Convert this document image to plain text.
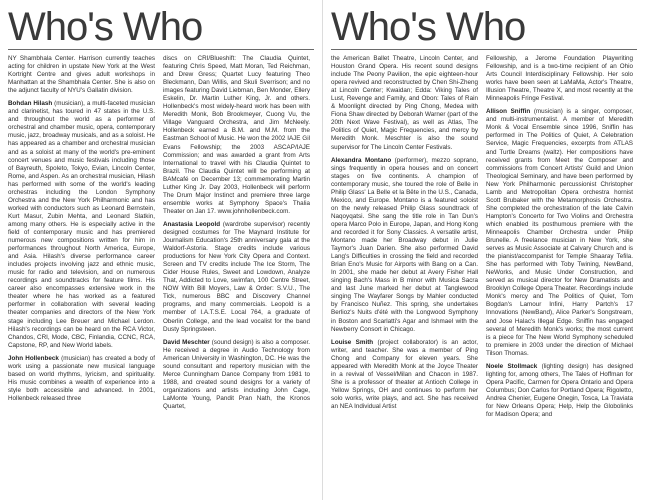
Who's Who

NY Shambhala Center. Harrison currently teaches acting for children in upstate New York at the West Kortright Centre and gives adult workshops in Manhattan at the Shambhala Center. She is also on the adjunct faculty of NYU's Gallatin division.

Bohdan Hilash (musician), a multi-faceted musician and clarinetist, has toured in 47 states in the U.S. and throughout the world as a performer of orchestral and chamber music, opera, contemporary music, jazz, broadway musicals, and as a soloist. He has appeared as a chamber and orchestral musician and as a soloist at many of the world's pre-eminent concert venues and music festivals including those of Bayreuth, Spoleto, Tokyo, Evian, Lincoln Center, Rome, and Aspen. As an orchestral musician, Hilash has performed with some of the world's leading orchestras including the London Symphony Orchestra and the New York Philharmonic and has worked with conductors such as Leonard Bernstein, Kurt Masur, Zubin Mehta, and Leonard Slatkin, among many others. He is especially active in the field of contemporary music and has premiered numerous new compositions written for him in performances throughout North America, Europe, and Asia. Hilash's diverse performance career includes projects involving jazz and ethnic music, music for radio and television, and on numerous recordings and soundtracks for feature films. His career also encompasses extensive work in the theater where he has worked as a featured performer in collaboration with several leading theater companies and directors of the New York stage including Lee Breuer and Michael Lerdon. Hilash's recordings can be heard on the RCA Victor, Chandos, CRI, Mode, CBC, Finlandia, CCNC, RCA, Capstone, RP, and New World labels.

John Hollenbeck (musician) has created a body of work using a passionate new musical language based on world rhythms, lyricism, and spirituality. His music combines a wealth of experience into a style both accessible and advanced. In 2001, Hollenbeck released three

discs on CRI/Blueshift: The Claudia Quintet, featuring Chris Speed, Matt Moran, Ted Reichman, and Drew Gress; Quartet Lucy featuring Theo Bleckmann, Dan Willis, and Skuli Sverrison; and no images featuring David Liebman, Ben Monder, Ellery Eskelin, Dr. Martin Luther King, Jr. and others. Hollenbeck's most widely-heard work has been with Meredith Monk, Bob Brookmeyer, Cuong Vu, the Village Vanguard Orchestra, and Jim McNeely. Hollenbeck earned a B.M. and M.M. from the Eastman School of Music. He won the 2002 IAJE Gil Evans Fellowship; the 2003 ASCAP/IAJE Commission; and was awarded a grant from Arts International to travel with his Claudia Quintet to Brazil. The Claudia Quintet will be performing at BAMcafé on December 13; commemorating Martin Luther King Jr. Day 2003, Hollenbeck will perform The Drum Major Instinct and premiere three large ensemble works at Symphony Space's Thalia Theater on Jan 17. www.johnhollenbeck.com.

Anastasia Leopold (wardrobe supervisor) recently designed costumes for The Maynard Institute for Journalism Education's 25th anniversary gala at the Waldorf-Astoria. Stage credits include various productions for New York City Opera and Context. Screen and TV credits include The Ice Storm, The Cider House Rules, Sweet and Lowdown, Analyze That, Addicted to Love, swimfan, 100 Centre Street, NOW With Bill Moyers, Law & Order: S.V.U., The Tick, numerous BBC and Discovery Channel programs, and many commercials. Leopold is a member of I.A.T.S.E. Local 764, a graduate of Oberlin College, and the lead vocalist for the band Dusty Springsteen.

David Meschter (sound design) is also a composer. He received a degree in Audio Technology from American University in Washington, DC. He was the sound consultant and repertory musician with the Merce Cunningham Dance Company from 1981 to 1988, and created sound designs for a variety of organizations and artists including John Cage, LaMonte Young, Pandit Pran Nath, the Kronos Quartet,

Who's Who

the American Ballet Theatre, Lincoln Center, and Houston Grand Opera. His recent sound designs include The Peony Pavilion, the epic eighteen-hour opera revived and reconstructed by Chen Shi-Zheng at Lincoln Center; Kwaidan; Edda: Viking Tales of Lust, Revenge and Family, and Obon: Tales of Rain & Moonlight directed by Ping Chong, Medea with Fiona Shaw directed by Deborah Warner (part of the 20th Next Wave Festival), as well as Atlas, The Politics of Quiet, Magic Frequencies, and mercy by Meredith Monk. Meschter is also the sound supervisor for The Lincoln Center Festivals.

Alexandra Montano (performer), mezzo soprano, sings frequently in opera houses and on concert stages on five continents. A champion of contemporary music, she toured the role of Belle in Philip Glass' La Belle et la Bête in the U.S., Canada, Mexico, and Europe. Montano is a featured soloist on the newly released Philip Glass soundtrack of Naqoyqatsi. She sang the title role in Tan Dun's opera Marco Polo in Europe, Japan, and Hong Kong and recorded it for Sony Classics. A versatile artist, Montano made her Broadway debut in Julie Taymor's Juan Darien. She also performed David Lang's Difficulties in crossing the field and recorded Brian Eno's Music for Airports with Bang on a Can. In 2001, she made her debut at Avery Fisher Hall singing Bach's Mass in B minor with Musica Sacra and last June marked her debut at Tanglewood singing The Wayfarer Songs by Mahler conducted by Francisco Nuñez. This spring, she undertakes Berlioz's Nuits d'été with the Longwood Symphony in Boston and Scarlatti's Agar and Ishmael with the Newberry Consort in Chicago.

Louise Smith (project collaborator) is an actor, writer, and teacher. She was a member of Ping Chong and Company for eleven years. She appeared with Meredith Monk at the Joyce Theater in a revival of Vessel/Milan and Chacon in 1987. She is a professor of theater at Antioch College in Yellow Springs, OH and continues to perform her solo works, write plays, and act. She has received an NEA Individual Artist

Fellowship, a Jerome Foundation Playwriting Fellowship, and is a two-time recipient of an Ohio Arts Council Interdisciplinary Fellowship. Her solo works have been seen at LaMaMa, Actor's Theatre, Illusion Theatre, Theatre X, and most recently at the Minneapolis Fringe Festival.

Allison Sniffin (musician) is a singer, composer, and multi-instrumentalist. A member of Meredith Monk & Vocal Ensemble since 1996, Sniffin has performed in The Politics of Quiet, A Celebration Service, Magic Frequencies, excerpts from ATLAS and Turtle Dreams (waltz). Her compositions have received grants from Meet the Composer and commissions from Concert Artists' Guild and Union Theological Seminary, and have been performed by New York Philharmonic percussionist Christopher Lamb and Metropolitan Opera orchestra hornist Scott Brubaker with the Metamorphosis Orchestra. She completed the orchestration of the late Calvin Hampton's Concerto for Two Violins and Orchestra which enabled its posthumous premiere with the Minneapolis Chamber Orchestra under Philip Brunelle. A freelance musician in New York, she serves as Music Associate at Calvary Church and is the pianist/accompanist for Temple Shaaray Tefila. She has performed with Toby Twining, NewBand, NeWorks, and Music Under Construction, and served as musical director for New Dramatists and Brooklyn College Opera Theater. Recordings include Monk's mercy and The Politics of Quiet, Tom Bogdan's Lamour Infini, Harry Partch's 17 Innovations (NewBand), Alice Parker's Songstream, and Jose Halac's Illegal Edge. Sniffin has engaged several of Meredith Monk's works; the most current is a piece for The New World Symphony scheduled to premiere in 2003 under the direction of Michael Tilson Thomas.

Noele Stollmack (lighting design) has designed lighting for, among others, The Tales of Hoffman for Opera Pacific, Carmen for Opera Ontario and Opera Columbus; Don Carlos for Portland Opera; Rigoletto, Andrea Chenier, Eugene Onegin, Tosca, La Traviata for New Orleans Opera; Help, Help the Globolinks for Madison Opera; and
